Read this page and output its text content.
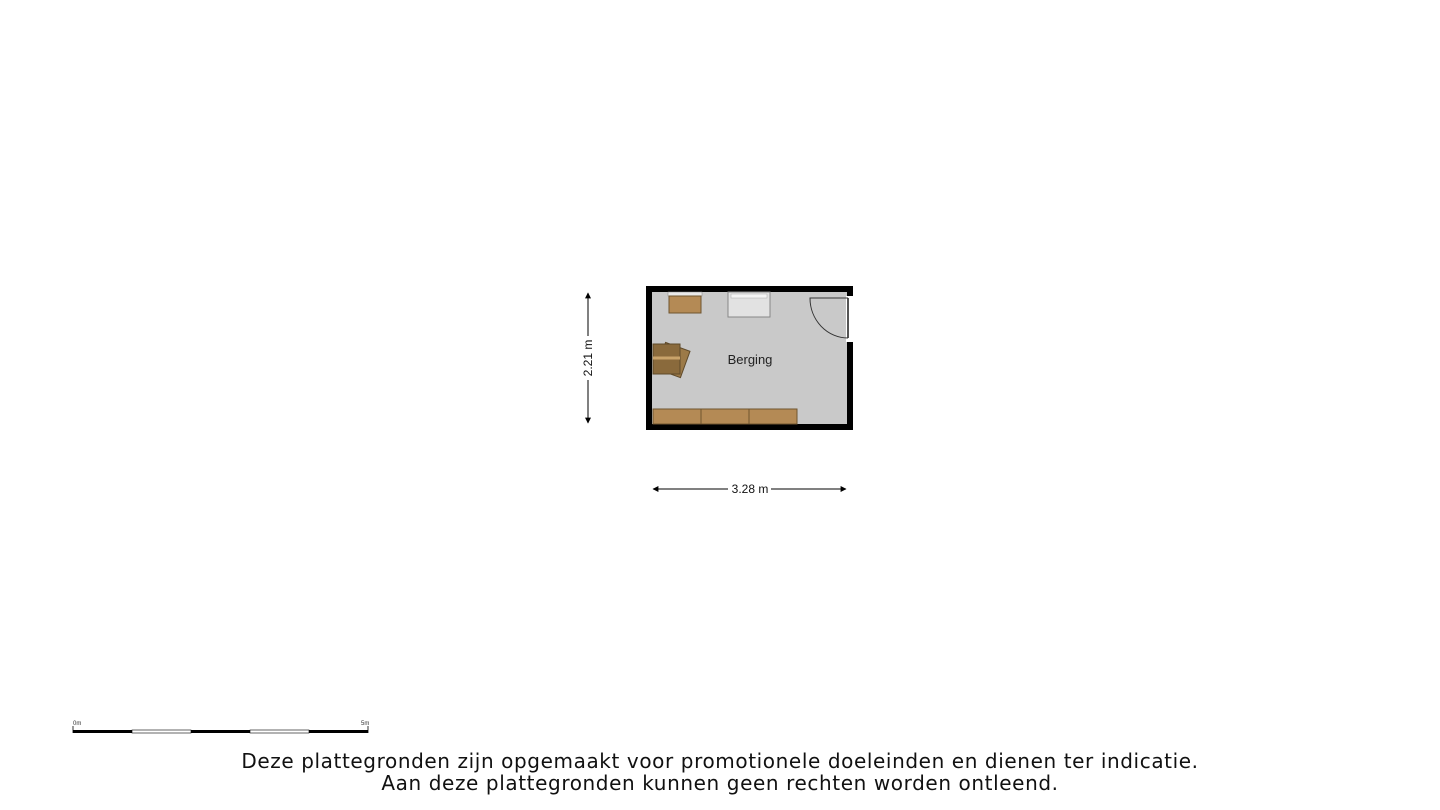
Berging
2.21 m
3.28 m
0m	5m
Deze plattegronden zijn opgemaakt voor promotionele doeleinden en dienen ter indicatie.
Aan deze plattegronden kunnen geen rechten worden ontleend.
